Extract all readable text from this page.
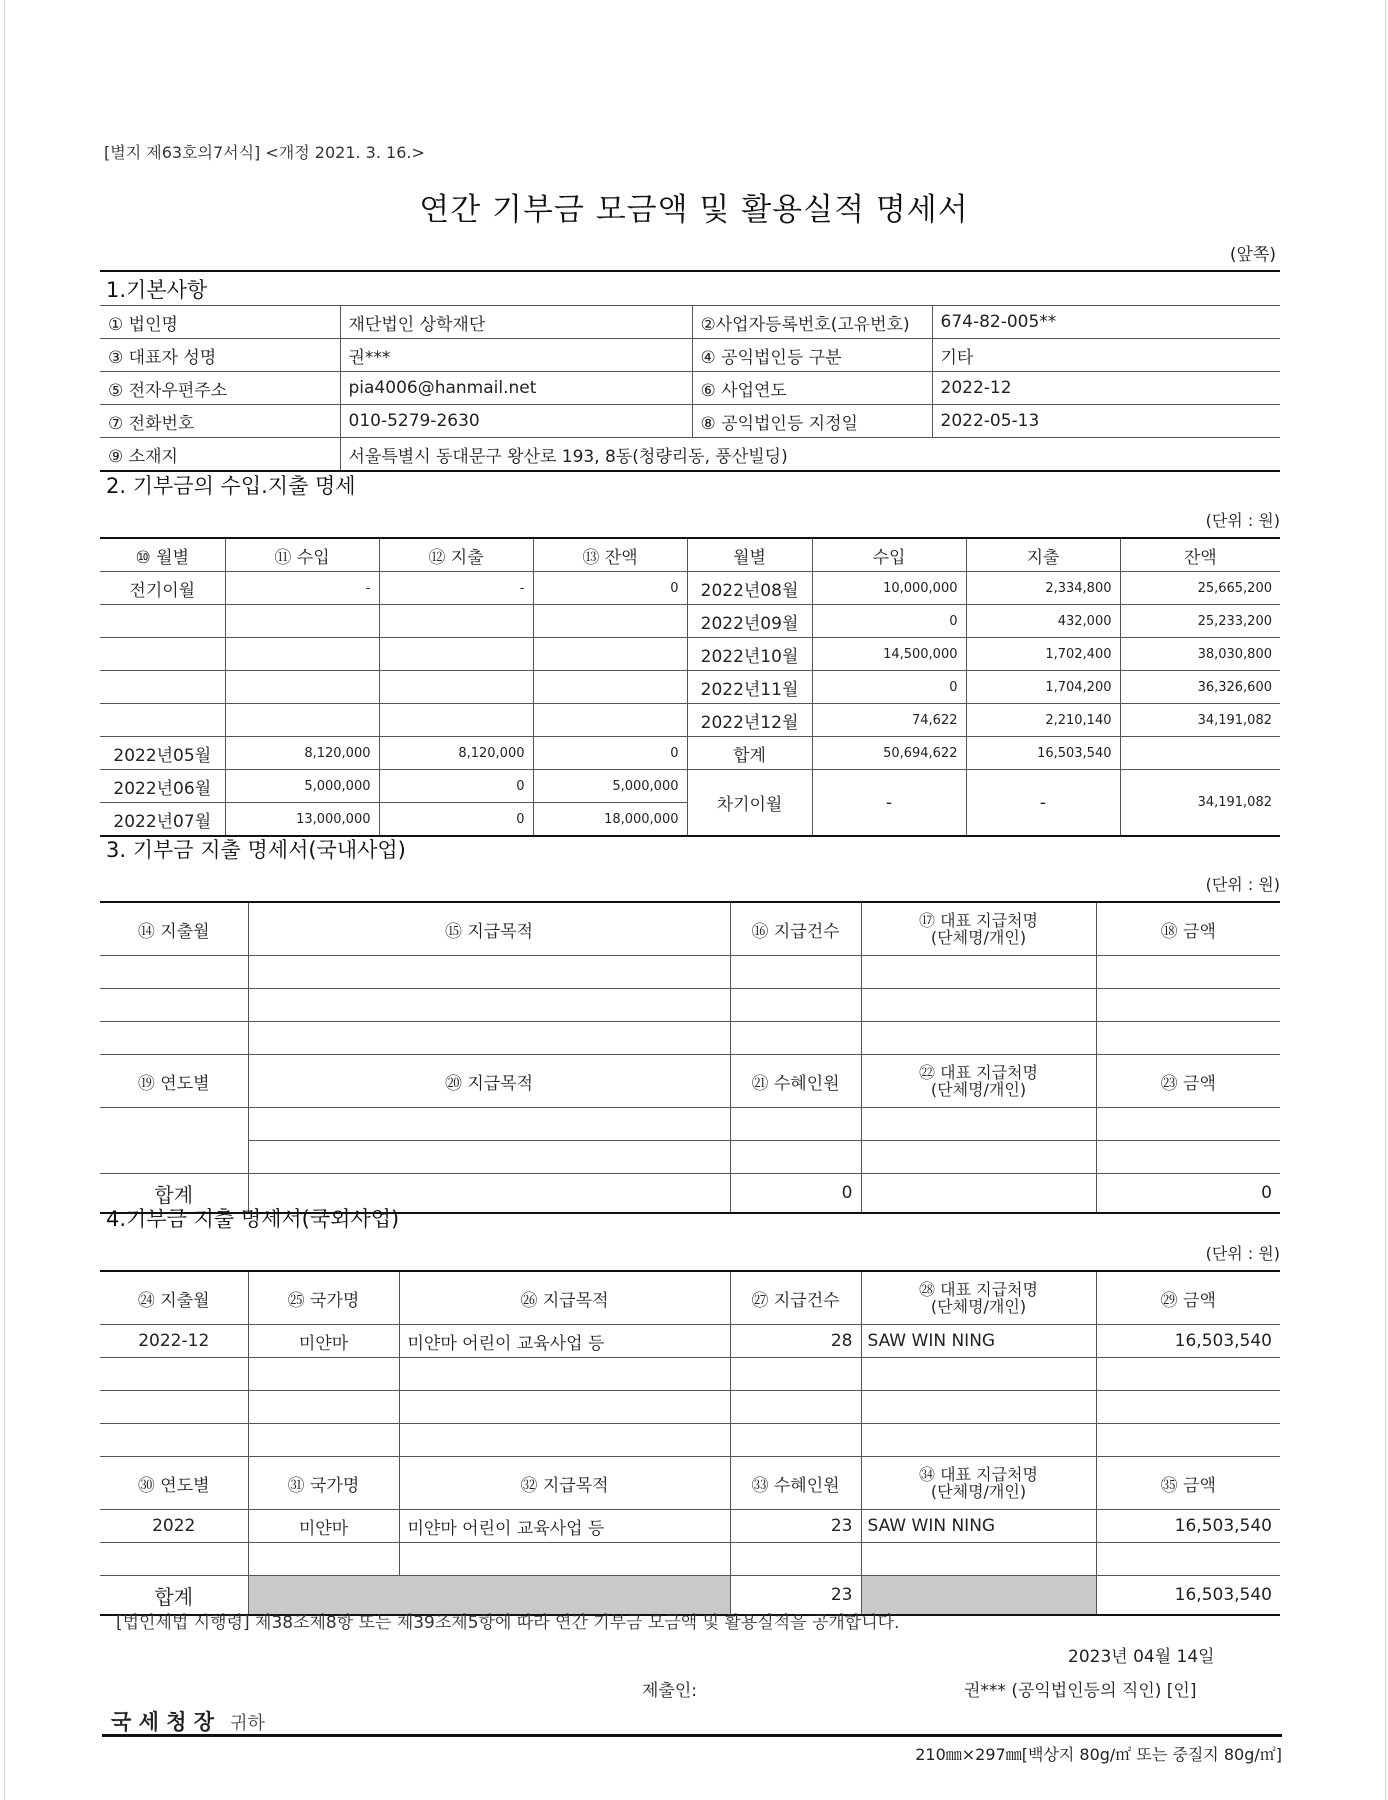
[별지 제63호의7서식] <개정 2021. 3. 16.>
연간 기부금 모금액 및 활용실적 명세서
(앞쪽)
1.기본사항			
① 법인명	재단법인 상학재단	②사업자등록번호(고유번호)	674-82-005**
③ 대표자 성명	권***	④ 공익법인등 구분	기타
⑤ 전자우편주소	pia4006@hanmail.net	⑥ 사업연도	2022-12
⑦ 전화번호	010-5279-2630	⑧ 공익법인등 지정일	2022-05-13
⑨ 소재지	서울특별시 동대문구 왕산로 193, 8동(청량리동, 풍산빌딩)		
2. 기부금의 수입.지출 명세
(단위 : 원)
⑩ 월별	⑪ 수입	⑫ 지출	⑬ 잔액	월별	수입	지출	잔액
전기이월	-	-	0	2022년08월	10,000,000	2,334,800	25,665,200
				2022년09월	0	432,000	25,233,200
				2022년10월	14,500,000	1,702,400	38,030,800
				2022년11월	0	1,704,200	36,326,600
				2022년12월	74,622	2,210,140	34,191,082
2022년05월	8,120,000	8,120,000	0	합계	50,694,622	16,503,540	
2022년06월	5,000,000	0	5,000,000	차기이월	-	-	34,191,082
2022년07월	13,000,000	0	18,000,000				
3. 기부금 지출 명세서(국내사업)
(단위 : 원)
⑭ 지출월	⑮ 지급목적	⑯ 지급건수	⑰ 대표 지급처명
(단체명/개인)	⑱ 금액

⑲ 연도별	⑳ 지급목적	㉑ 수혜인원	㉒ 대표 지급처명
(단체명/개인)	㉓ 금액

합계		0		0
4.기부금 지출 명세서(국외사업)
(단위 : 원)
㉔ 지출월	㉕ 국가명	㉖ 지급목적	㉗ 지급건수	㉘ 대표 지급처명
(단체명/개인)	㉙ 금액
2022-12	미얀마	미얀마 어린이 교육사업 등	28	SAW WIN NING	16,503,540

㉚ 연도별	㉛ 국가명	㉜ 지급목적	㉝ 수혜인원	㉞ 대표 지급처명
(단체명/개인)	㉟ 금액
2022	미얀마	미얀마 어린이 교육사업 등	23	SAW WIN NING	16,503,540

합계			23		16,503,540
[법인세법 시행령] 제38조제8항 또는 제39조제5항에 따라 연간 기부금 모금액 및 활용실적을 공개합니다.
2023년 04월 14일
제출인:	권*** (공익법인등의 직인) [인]
국 세 청 장 귀하
210㎜×297㎜[백상지 80g/㎡ 또는 중질지 80g/㎡]
